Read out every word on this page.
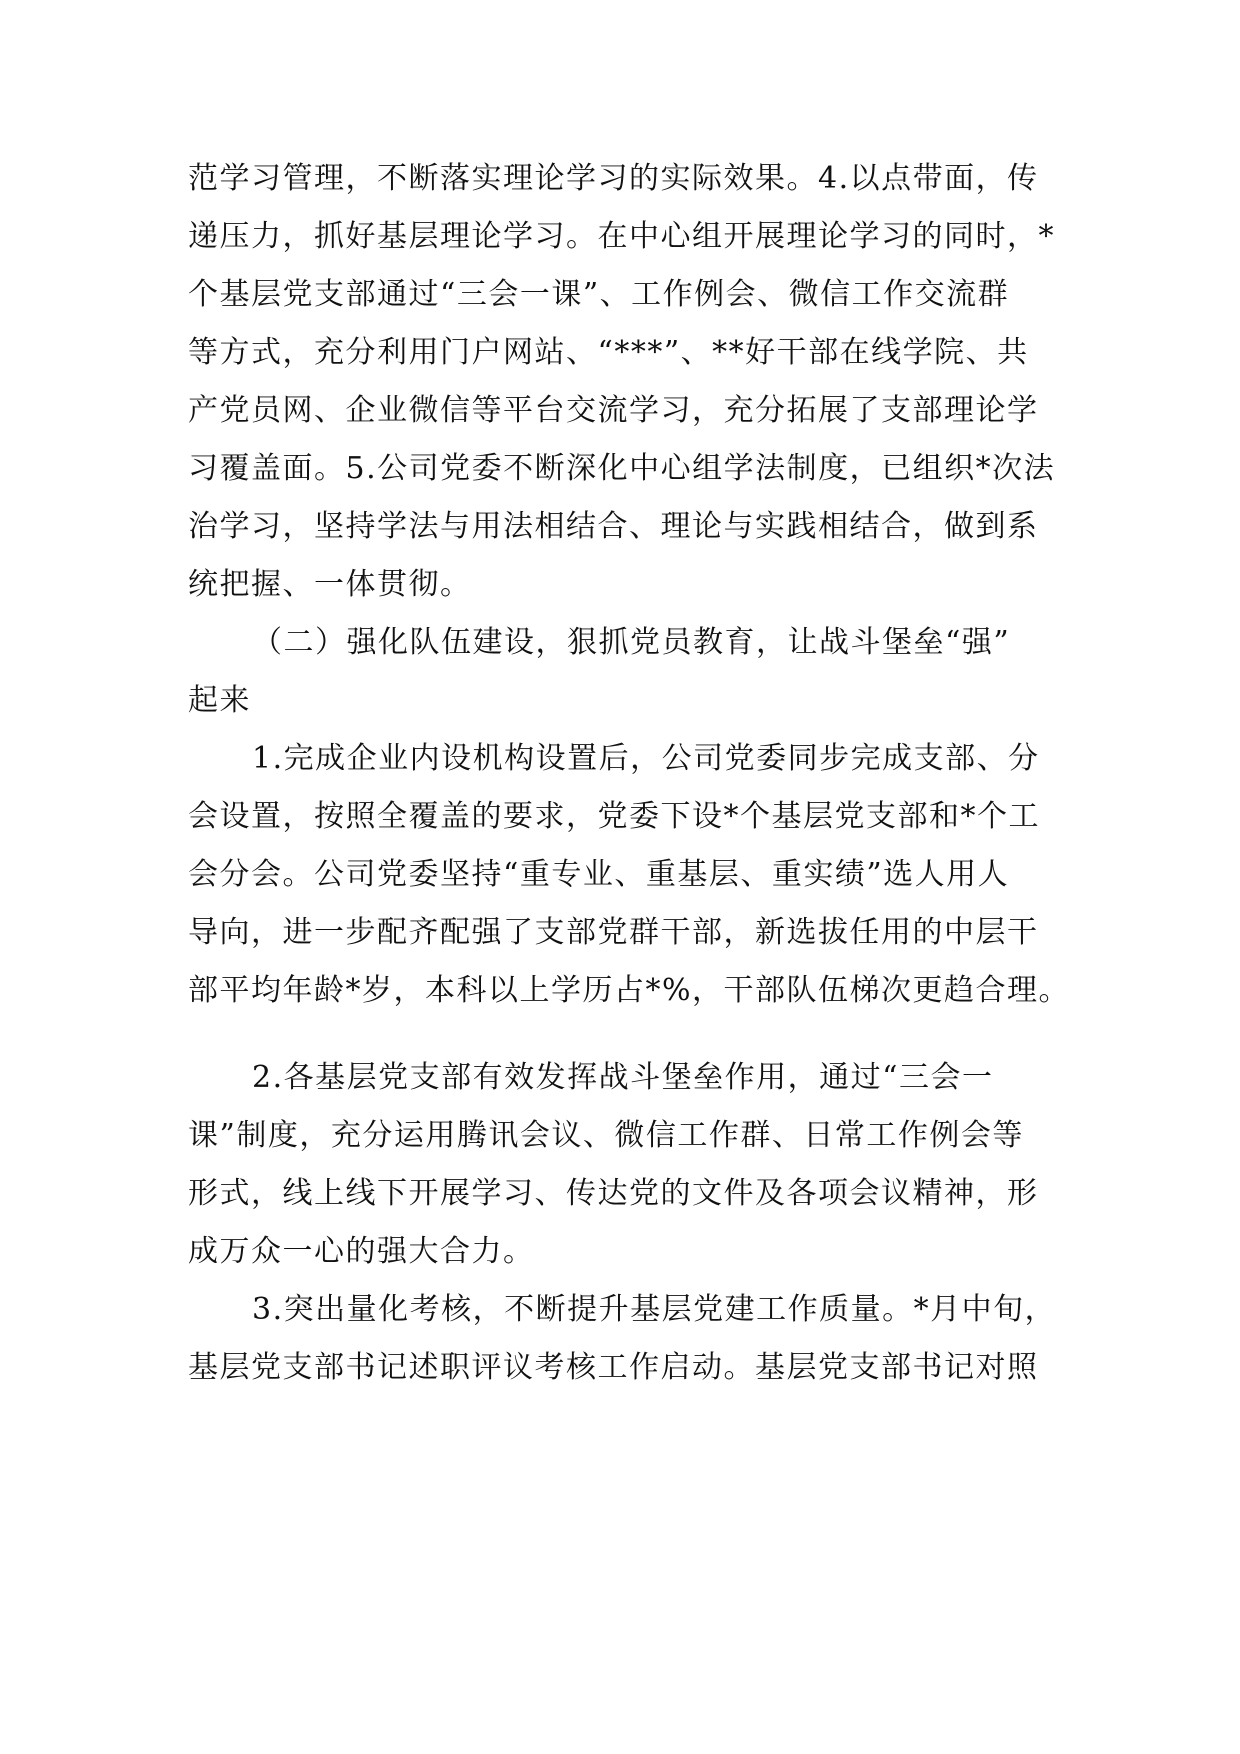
范学习管理，不断落实理论学习的实际效果。4.以点带面，传
递压力，抓好基层理论学习。在中心组开展理论学习的同时，*
个基层党支部通过“三会一课”、工作例会、微信工作交流群
等方式，充分利用门户网站、“***”、**好干部在线学院、共
产党员网、企业微信等平台交流学习，充分拓展了支部理论学
习覆盖面。5.公司党委不断深化中心组学法制度，已组织*次法
治学习，坚持学法与用法相结合、理论与实践相结合，做到系
统把握、一体贯彻。
（二）强化队伍建设，狠抓党员教育，让战斗堡垒“强”
起来
1.完成企业内设机构设置后，公司党委同步完成支部、分
会设置，按照全覆盖的要求，党委下设*个基层党支部和*个工
会分会。公司党委坚持“重专业、重基层、重实绩”选人用人
导向，进一步配齐配强了支部党群干部，新选拔任用的中层干
部平均年龄*岁，本科以上学历占*%，干部队伍梯次更趋合理。
2.各基层党支部有效发挥战斗堡垒作用，通过“三会一
课”制度，充分运用腾讯会议、微信工作群、日常工作例会等
形式，线上线下开展学习、传达党的文件及各项会议精神，形
成万众一心的强大合力。
3.突出量化考核，不断提升基层党建工作质量。*月中旬，
基层党支部书记述职评议考核工作启动。基层党支部书记对照
